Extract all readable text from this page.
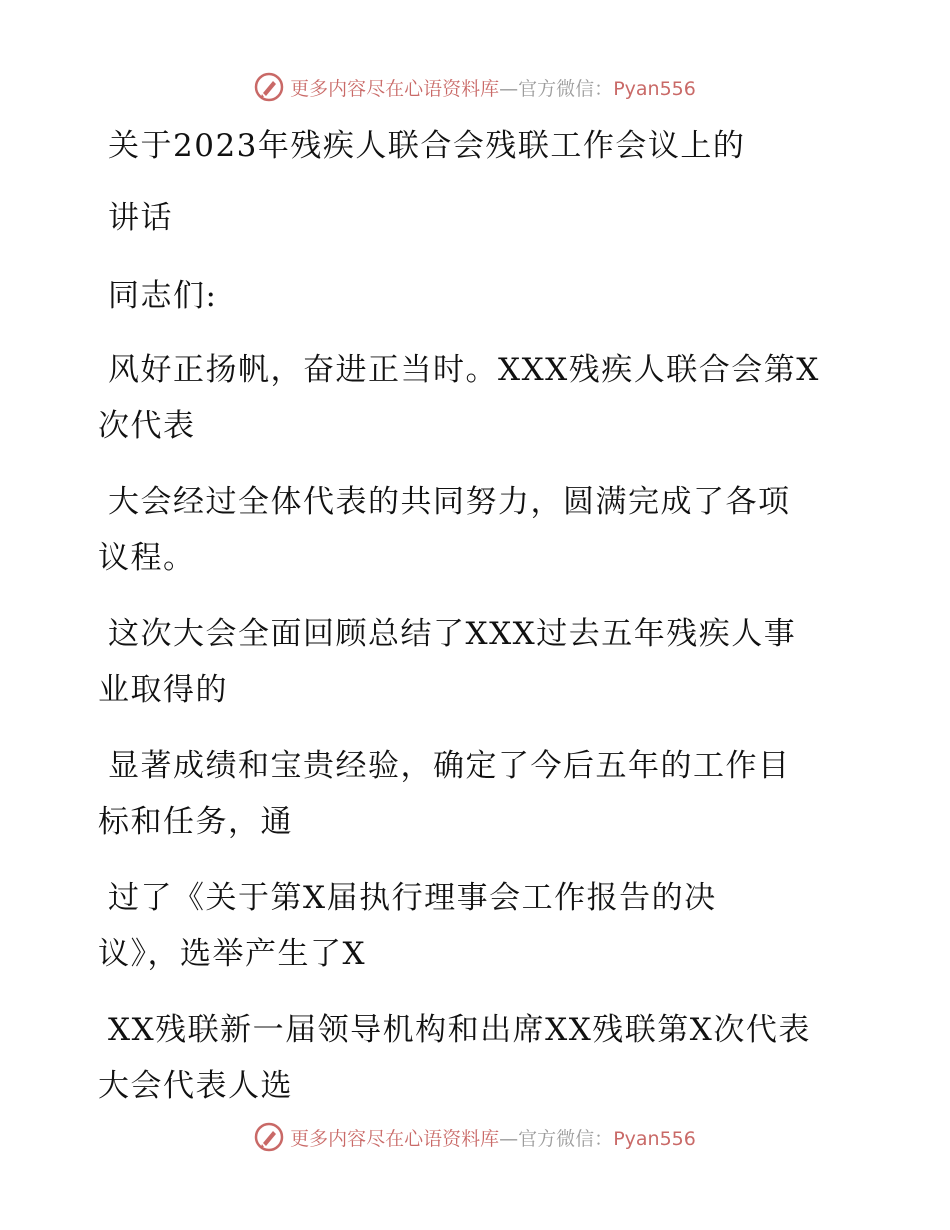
更多内容尽在心语资料库—官方微信：Pyan556
关于2023年残疾人联合会残联工作会议上的
讲话
同志们:
风好正扬帆，奋进正当时。XXX残疾人联合会第X
次代表
大会经过全体代表的共同努力，圆满完成了各项
议程。
这次大会全面回顾总结了XXX过去五年残疾人事
业取得的
显著成绩和宝贵经验，确定了今后五年的工作目
标和任务，通
过了《关于第X届执行理事会工作报告的决
议》，选举产生了X
XX残联新一届领导机构和出席XX残联第X次代表
大会代表人选
更多内容尽在心语资料库—官方微信：Pyan556
